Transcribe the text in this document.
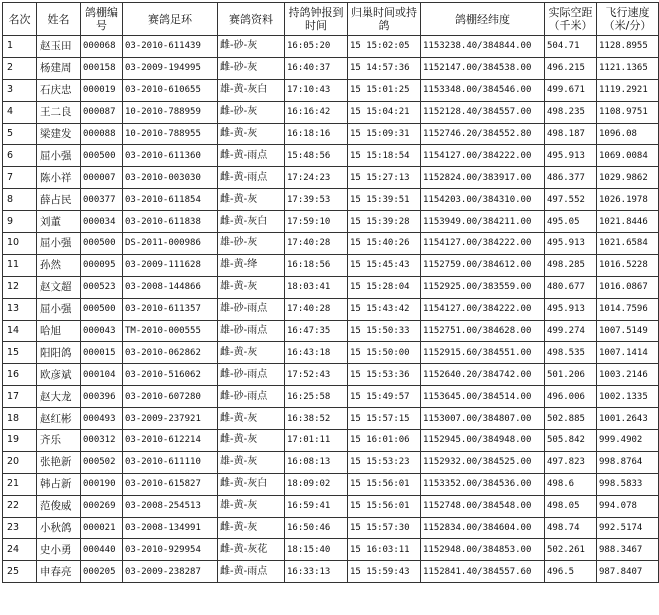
名次	姓名	鸽棚编号	赛鸽足环	赛鸽资料	持鸽钟报到时间	归巢时间或持鸽	鸽棚经纬度	实际空距（千米）	飞行速度（米/分）
1	赵玉田	000068	03-2010-611439	雌-砂-灰	16:05:20	15 15:02:05	1153238.40/384844.00	504.71	1128.8955
2	杨建周	000158	03-2009-194995	雌-砂-灰	16:40:37	15 14:57:36	1152147.00/384538.00	496.215	1121.1365
3	石庆忠	000019	03-2010-610655	雄-黄-灰白	17:10:43	15 15:01:25	1153348.00/384546.00	499.671	1119.2921
4	王二良	000087	10-2010-788959	雌-砂-灰	16:16:42	15 15:04:21	1152128.40/384557.00	498.235	1108.9751
5	梁建发	000088	10-2010-788955	雌-黄-灰	16:18:16	15 15:09:31	1152746.20/384552.80	498.187	1096.08
6	屈小强	000500	03-2010-611360	雌-黄-雨点	15:48:56	15 15:18:54	1154127.00/384222.00	495.913	1069.0084
7	陈小祥	000007	03-2010-003030	雌-黄-雨点	17:24:23	15 15:27:13	1152824.00/383917.00	486.377	1029.9862
8	薛占民	000377	03-2010-611854	雌-黄-灰	17:39:53	15 15:39:51	1154203.00/384310.00	497.552	1026.1978
9	刘董	000034	03-2010-611838	雌-黄-灰白	17:59:10	15 15:39:28	1153949.00/384211.00	495.05	1021.8446
10	屈小强	000500	DS-2011-000986	雄-砂-灰	17:40:28	15 15:40:26	1154127.00/384222.00	495.913	1021.6584
11	孙然	000095	03-2009-111628	雄-黄-绛	16:18:56	15 15:45:43	1152759.00/384612.00	498.285	1016.5228
12	赵文超	000523	03-2008-144866	雄-黄-灰	18:03:41	15 15:28:04	1152925.00/383559.00	480.677	1016.0867
13	屈小强	000500	03-2010-611357	雄-砂-雨点	17:40:28	15 15:43:42	1154127.00/384222.00	495.913	1014.7596
14	哈旭	000043	TM-2010-000555	雄-砂-雨点	16:47:35	15 15:50:33	1152751.00/384628.00	499.274	1007.5149
15	阳阳鸽	000015	03-2010-062862	雌-黄-灰	16:43:18	15 15:50:00	1152915.60/384551.00	498.535	1007.1414
16	欧彦斌	000104	03-2010-516062	雌-砂-雨点	17:52:43	15 15:53:36	1152640.20/384742.00	501.206	1003.2146
17	赵大龙	000396	03-2010-607280	雌-砂-雨点	16:25:58	15 15:49:57	1153645.00/384514.00	496.006	1002.1335
18	赵红彬	000493	03-2009-237921	雌-黄-灰	16:38:52	15 15:57:15	1153007.00/384807.00	502.885	1001.2643
19	齐乐	000312	03-2010-612214	雌-黄-灰	17:01:11	15 16:01:06	1152945.00/384948.00	505.842	999.4902
20	张艳新	000502	03-2010-611110	雄-黄-灰	16:08:13	15 15:53:23	1152932.00/384525.00	497.823	998.8764
21	韩占新	000190	03-2010-615827	雌-黄-灰白	18:09:02	15 15:56:01	1153352.00/384536.00	498.6	998.5833
22	范俊威	000269	03-2008-254513	雄-黄-灰	16:59:41	15 15:56:01	1152748.00/384548.00	498.05	994.078
23	小秋鸽	000021	03-2008-134991	雌-黄-灰	16:50:46	15 15:57:30	1152834.00/384604.00	498.74	992.5174
24	史小勇	000440	03-2010-929954	雌-黄-灰花	18:15:40	15 16:03:11	1152948.00/384853.00	502.261	988.3467
25	申春亮	000205	03-2009-238287	雌-黄-雨点	16:33:13	15 15:59:43	1152841.40/384557.60	496.5	987.8407
